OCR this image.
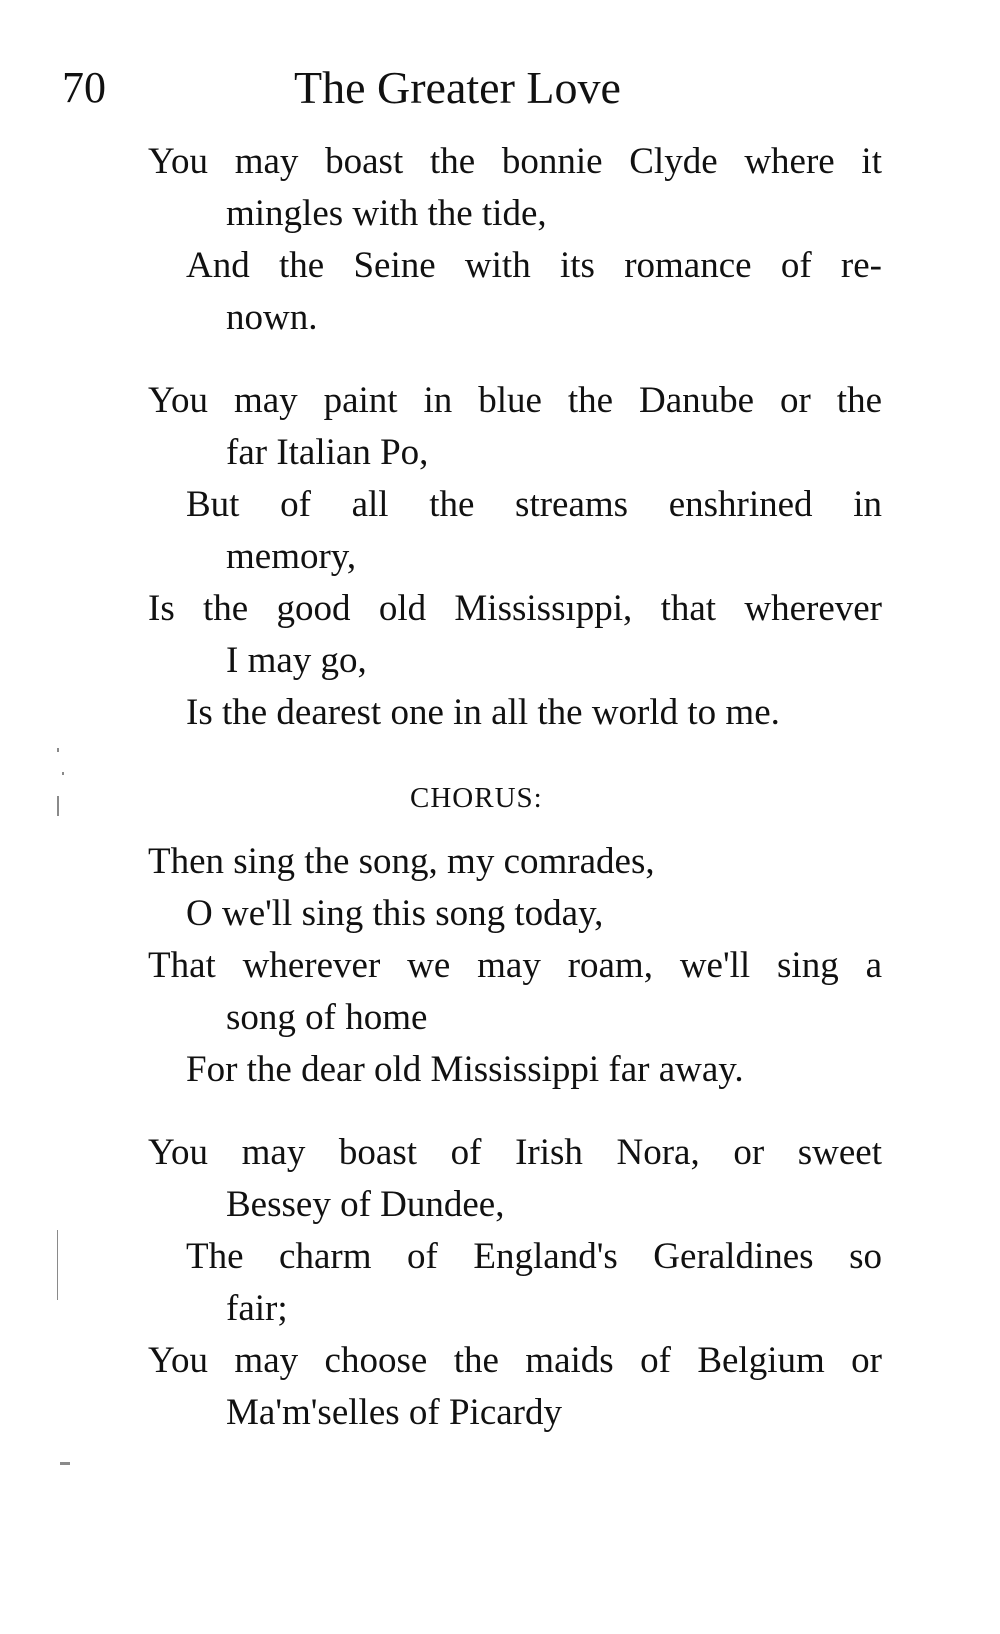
70	The Greater Love
You may boast the bonnie Clyde where it
mingles with the tide,
And the Seine with its romance of re-
nown.
You may paint in blue the Danube or the
far Italian Po,
But of all the streams enshrined in
memory,
Is the good old Mississıppi, that wherever
I may go,
Is the dearest one in all the world to me.
CHORUS:
Then sing the song, my comrades,
O we'll sing this song today,
That wherever we may roam, we'll sing a
song of home
For the dear old Mississippi far away.
You may boast of Irish Nora, or sweet
Bessey of Dundee,
The charm of England's Geraldines so
fair;
You may choose the maids of Belgium or
Ma'm'selles of Picardy
